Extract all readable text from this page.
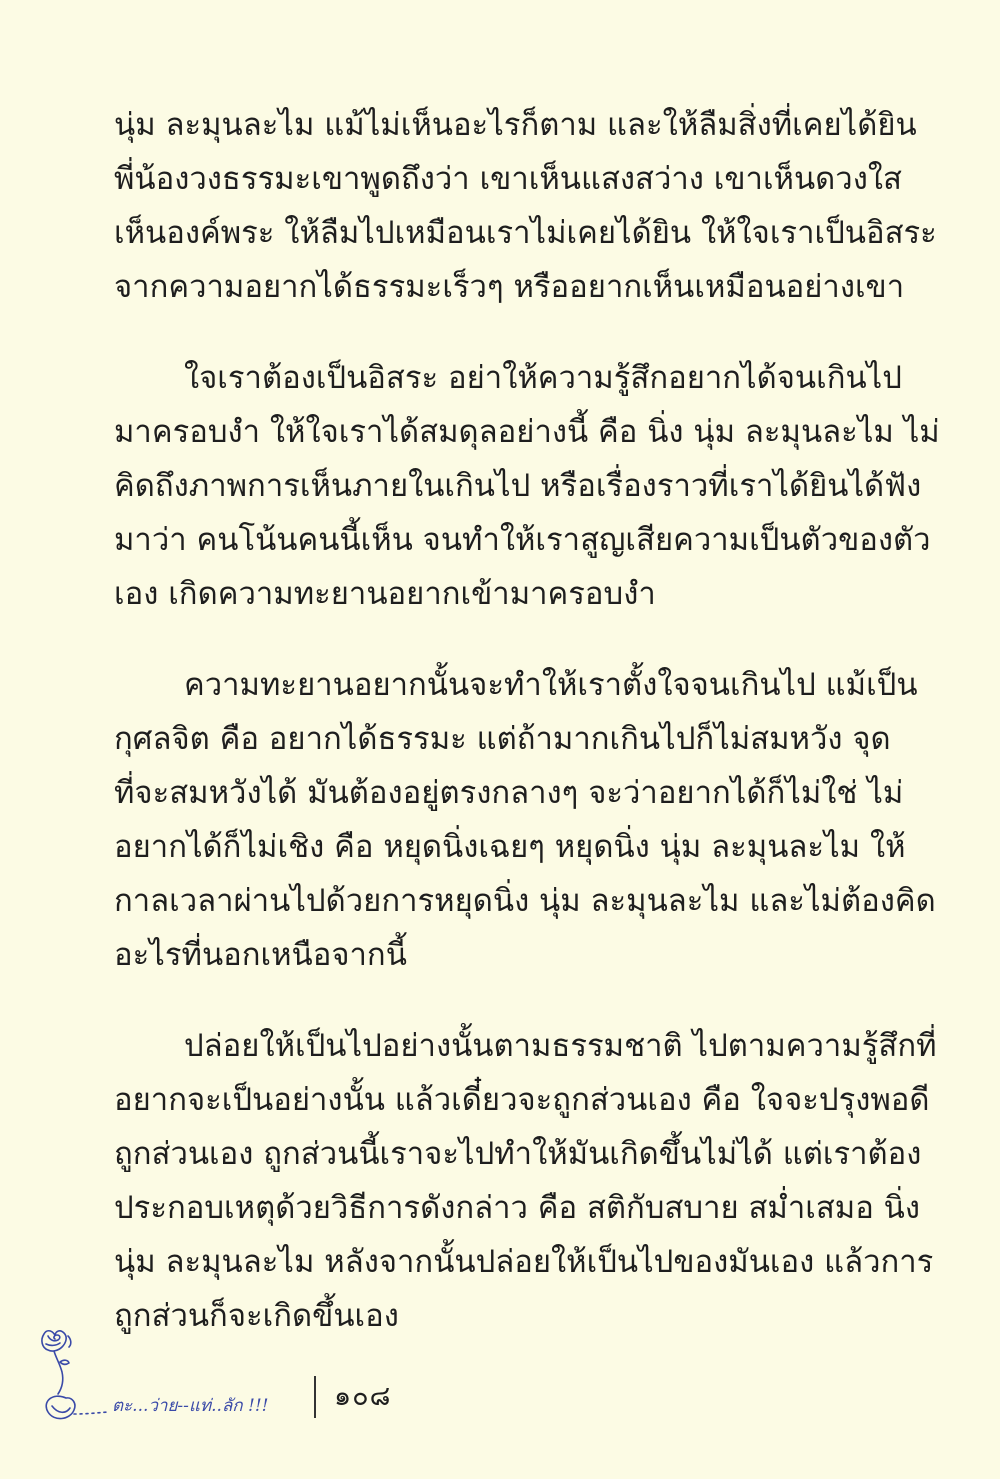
นุ่ม ละมุนละไม แม้ไม่เห็นอะไรก็ตาม และให้ลืมสิ่งที่เคยได้ยิน
พี่น้องวงธรรมะเขาพูดถึงว่า เขาเห็นแสงสว่าง เขาเห็นดวงใส
เห็นองค์พระ ให้ลืมไปเหมือนเราไม่เคยได้ยิน ให้ใจเราเป็นอิสระ
จากความอยากได้ธรรมะเร็วๆ หรืออยากเห็นเหมือนอย่างเขา
ใจเราต้องเป็นอิสระ อย่าให้ความรู้สึกอยากได้จนเกินไป
มาครอบงำ ให้ใจเราได้สมดุลอย่างนี้ คือ นิ่ง นุ่ม ละมุนละไม ไม่
คิดถึงภาพการเห็นภายในเกินไป หรือเรื่องราวที่เราได้ยินได้ฟัง
มาว่า คนโน้นคนนี้เห็น จนทำให้เราสูญเสียความเป็นตัวของตัว
เอง เกิดความทะยานอยากเข้ามาครอบงำ
ความทะยานอยากนั้นจะทำให้เราตั้งใจจนเกินไป แม้เป็น
กุศลจิต คือ อยากได้ธรรมะ แต่ถ้ามากเกินไปก็ไม่สมหวัง จุด
ที่จะสมหวังได้ มันต้องอยู่ตรงกลางๆ จะว่าอยากได้ก็ไม่ใช่ ไม่
อยากได้ก็ไม่เชิง คือ หยุดนิ่งเฉยๆ หยุดนิ่ง นุ่ม ละมุนละไม ให้
กาลเวลาผ่านไปด้วยการหยุดนิ่ง นุ่ม ละมุนละไม และไม่ต้องคิด
อะไรที่นอกเหนือจากนี้
ปล่อยให้เป็นไปอย่างนั้นตามธรรมชาติ ไปตามความรู้สึกที่
อยากจะเป็นอย่างนั้น แล้วเดี๋ยวจะถูกส่วนเอง คือ ใจจะปรุงพอดี
ถูกส่วนเอง ถูกส่วนนี้เราจะไปทำให้มันเกิดขึ้นไม่ได้ แต่เราต้อง
ประกอบเหตุด้วยวิธีการดังกล่าว คือ สติกับสบาย สม่ำเสมอ นิ่ง
นุ่ม ละมุนละไม หลังจากนั้นปล่อยให้เป็นไปของมันเอง แล้วการ
ถูกส่วนก็จะเกิดขึ้นเอง
ตะ...ว่าย--แท่..ลัก !!! ๑๐๘
